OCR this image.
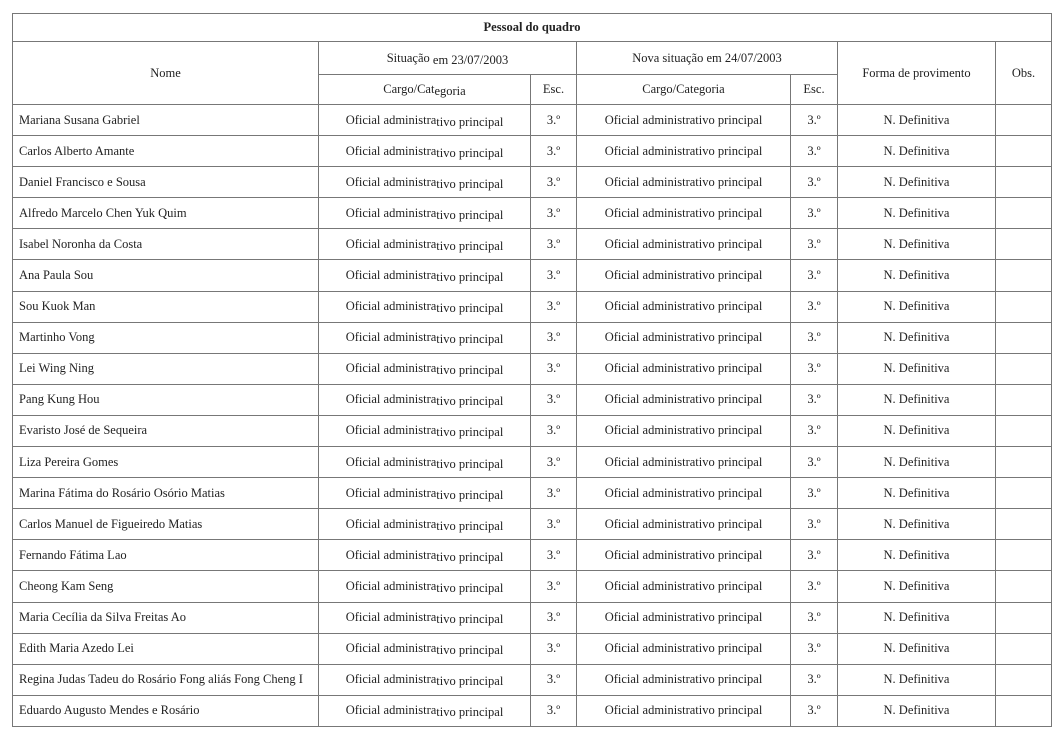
Pessoal do quadro						
Nome	Situação em 23/07/2003		Nova situação em 24/07/2003		Forma de provimento	Obs.
	Cargo/Categoria	Esc.	Cargo/Categoria	Esc.		
Mariana Susana Gabriel	Oficial administrativo principal	3.º	Oficial administrativo principal	3.º	N. Definitiva	
Carlos Alberto Amante	Oficial administrativo principal	3.º	Oficial administrativo principal	3.º	N. Definitiva	
Daniel Francisco e Sousa	Oficial administrativo principal	3.º	Oficial administrativo principal	3.º	N. Definitiva	
Alfredo Marcelo Chen Yuk Quim	Oficial administrativo principal	3.º	Oficial administrativo principal	3.º	N. Definitiva	
Isabel Noronha da Costa	Oficial administrativo principal	3.º	Oficial administrativo principal	3.º	N. Definitiva	
Ana Paula Sou	Oficial administrativo principal	3.º	Oficial administrativo principal	3.º	N. Definitiva	
Sou Kuok Man	Oficial administrativo principal	3.º	Oficial administrativo principal	3.º	N. Definitiva	
Martinho Vong	Oficial administrativo principal	3.º	Oficial administrativo principal	3.º	N. Definitiva	
Lei Wing Ning	Oficial administrativo principal	3.º	Oficial administrativo principal	3.º	N. Definitiva	
Pang Kung Hou	Oficial administrativo principal	3.º	Oficial administrativo principal	3.º	N. Definitiva	
Evaristo José de Sequeira	Oficial administrativo principal	3.º	Oficial administrativo principal	3.º	N. Definitiva	
Liza Pereira Gomes	Oficial administrativo principal	3.º	Oficial administrativo principal	3.º	N. Definitiva	
Marina Fátima do Rosário Osório Matias	Oficial administrativo principal	3.º	Oficial administrativo principal	3.º	N. Definitiva	
Carlos Manuel de Figueiredo Matias	Oficial administrativo principal	3.º	Oficial administrativo principal	3.º	N. Definitiva	
Fernando Fátima Lao	Oficial administrativo principal	3.º	Oficial administrativo principal	3.º	N. Definitiva	
Cheong Kam Seng	Oficial administrativo principal	3.º	Oficial administrativo principal	3.º	N. Definitiva	
Maria Cecília da Silva Freitas Ao	Oficial administrativo principal	3.º	Oficial administrativo principal	3.º	N. Definitiva	
Edith Maria Azedo Lei	Oficial administrativo principal	3.º	Oficial administrativo principal	3.º	N. Definitiva	
Regina Judas Tadeu do Rosário Fong aliás Fong Cheng I	Oficial administrativo principal	3.º	Oficial administrativo principal	3.º	N. Definitiva	
Eduardo Augusto Mendes e Rosário	Oficial administrativo principal	3.º	Oficial administrativo principal	3.º	N. Definitiva	
